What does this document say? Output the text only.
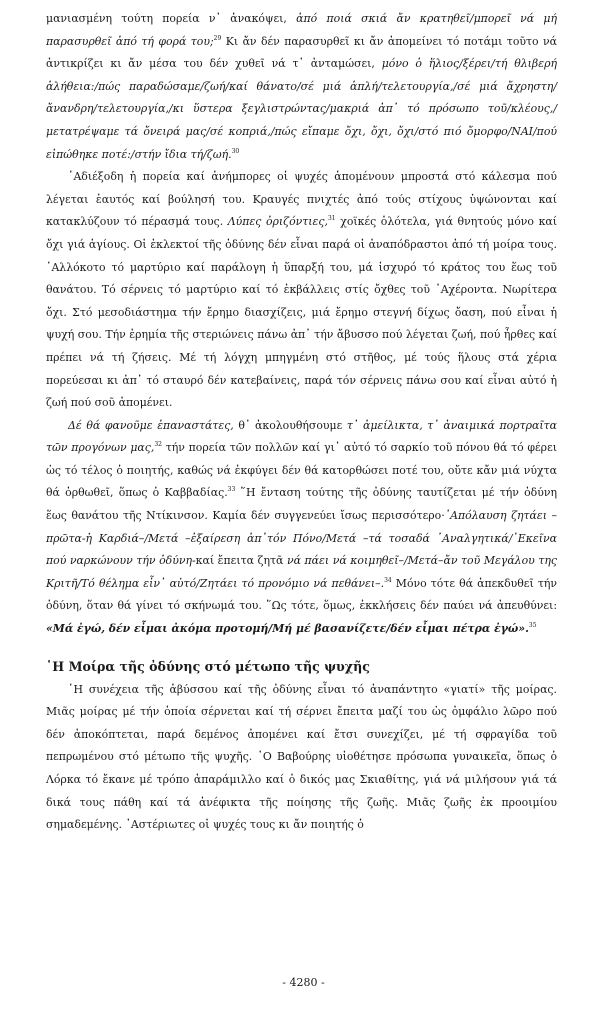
μανιασμένη τούτη πορεία ν᾽ ἀνακόψει, ἀπό ποιά σκιά ἄν κρατηθεῖ/μπορεῖ νά μή παρασυρθεῖ ἀπό τή φορά του;$^{29}$ Κι ἄν δέν παρασυρθεῖ κι ἄν ἀπομείνει τό ποτάμι τοῦτο νά ἀντικρίζει κι ἄν μέσα του δέν χυθεῖ νά τ᾽ ἀνταμώσει, μόνο ὁ ἥλιος/ξέρει/τή θλιβερή ἀλήθεια:/πώς παραδώσαμε/ζωή/καί θάνατο/σέ μιά ἁπλή/τελετουργία,/σέ μιά ἄχρηστη/ἄνανδρη/τελετουργία,/κι ὕστερα ξεγλιστρώντας/μακριά ἀπ᾽ τό πρόσωπο τοῦ/κλέους,/μετατρέψαμε τά ὄνειρά μας/σέ κοπριά,/πώς εἴπαμε ὄχι, ὄχι, ὄχι/στό πιό ὄμορφο/ΝΑΙ/πού εἰπώθηκε ποτέ:/στήν ἴδια τή/ζωή.$^{30}$

᾽Αδιέξοδη ἡ πορεία καί ἀνήμπορες οἱ ψυχές ἀπομένουν μπροστά στό κάλεσμα πού λέγεται ἑαυτός καί βούλησή του. Κραυγές πνιχτές ἀπό τούς στίχους ὑψώνονται καί κατακλύζουν τό πέρασμά τους. Λύπες ὀριζόντιες,$^{31}$ χοϊκές ὁλότελα, γιά θνητούς μόνο καί ὄχι γιά ἁγίους. Οἱ ἐκλεκτοί τῆς ὀδύνης δέν εἶναι παρά οἱ ἀναπόδραστοι ἀπό τή μοίρα τους. ᾽Αλλόκοτο τό μαρτύριο καί παράλογη ἡ ὕπαρξή του, μά ἰσχυρό τό κράτος του ἕως τοῦ θανάτου. Τό σέρνεις τό μαρτύριο καί τό ἐκβάλλεις στίς ὄχθες τοῦ ᾽Αχέροντα. Νωρίτερα ὄχι. Στό μεσοδιάστημα τήν ἔρημο διασχίζεις, μιά ἔρημο στεγνή δίχως ὄαση, πού εἶναι ἡ ψυχή σου. Τήν ἐρημία τῆς στεριώνεις πάνω ἀπ᾽ τήν ἄβυσσο πού λέγεται ζωή, πού ἦρθες καί πρέπει νά τή ζήσεις. Μέ τή λόγχη μπηγμένη στό στῆθος, μέ τούς ἥλους στά χέρια πορεύεσαι κι ἀπ᾽ τό σταυρό δέν κατεβαίνεις, παρά τόν σέρνεις πάνω σου καί εἶναι αὐτό ἡ ζωή πού σοῦ ἀπομένει.

Δέ θά φανοῦμε ἐπαναστάτες, θ᾽ ἀκολουθήσουμε τ᾽ ἀμείλικτα, τ᾽ ἀναιμικά πορτραῖτα τῶν προγόνων μας,$^{32}$ τήν πορεία τῶν πολλῶν καί γι᾽ αὐτό τό σαρκίο τοῦ πόνου θά τό φέρει ὡς τό τέλος ὁ ποιητής, καθώς νά ἐκφύγει δέν θά κατορθώσει ποτέ του, οὔτε κἄν μιά νύχτα θά ὀρθωθεῖ, ὅπως ὁ Καββαδίας.$^{33}$ ῞Η ἔνταση τούτης τῆς ὀδύνης ταυτίζεται μέ τήν ὀδύνη ἕως θανάτου τῆς Ντίκινσον. Καμία δέν συγγενεύει ἴσως περισσότερο·᾽Απόλαυση ζητάει –πρῶτα-ἡ Καρδιά–/Μετά –ἐξαίρεση ἀπ᾽τόν Πόνο/Μετά –τά τοσαδά ᾽Αναλγητικά/᾽Εκεῖνα πού ναρκώνουν τήν ὀδύνη-καί ἔπειτα ζητᾶ νά πάει νά κοιμηθεῖ–/Μετά–ἄν τοῦ Μεγάλου της Κριτῆ/Τό θέλημα εἶν᾽ αὐτό/Ζητάει τό προνόμιο νά πεθάνει–.$^{34}$ Μόνο τότε θά ἀπεκδυθεῖ τήν ὀδύνη, ὅταν θά γίνει τό σκήνωμά του. ῞Ως τότε, ὅμως, ἐκκλήσεις δέν παύει νά ἀπευθύνει: «Μά ἐγώ, δέν εἶμαι ἀκόμα προτομή/Μή μέ βασανίζετε/δέν εἶμαι πέτρα ἐγώ».$^{35}$

῾Η Μοίρα τῆς ὀδύνης στό μέτωπο τῆς ψυχῆς

῾Η συνέχεια τῆς ἀβύσσου καί τῆς ὀδύνης εἶναι τό ἀναπάντητο «γιατί» τῆς μοίρας. Μιᾶς μοίρας μέ τήν ὁποία σέρνεται καί τή σέρνει ἔπειτα μαζί του ὡς ὀμφάλιο λῶρο πού δέν ἀποκόπτεται, παρά δεμένος ἀπομένει καί ἔτσι συνεχίζει, μέ τή σφραγίδα τοῦ πεπρωμένου στό μέτωπο τῆς ψυχῆς. ᾽Ο Βαβούρης υἱοθέτησε πρόσωπα γυναικεῖα, ὅπως ὁ Λόρκα τό ἔκανε μέ τρόπο ἀπαράμιλλο καί ὁ δικός μας Σκιαθίτης, γιά νά μιλήσουν γιά τά δικά τους πάθη καί τά ἀνέφικτα τῆς ποίησης τῆς ζωῆς. Μιᾶς ζωῆς ἐκ προοιμίου σημαδεμένης. ᾽Αστέριωτες οἱ ψυχές τους κι ἄν ποιητής ὁ

- 4280 -
